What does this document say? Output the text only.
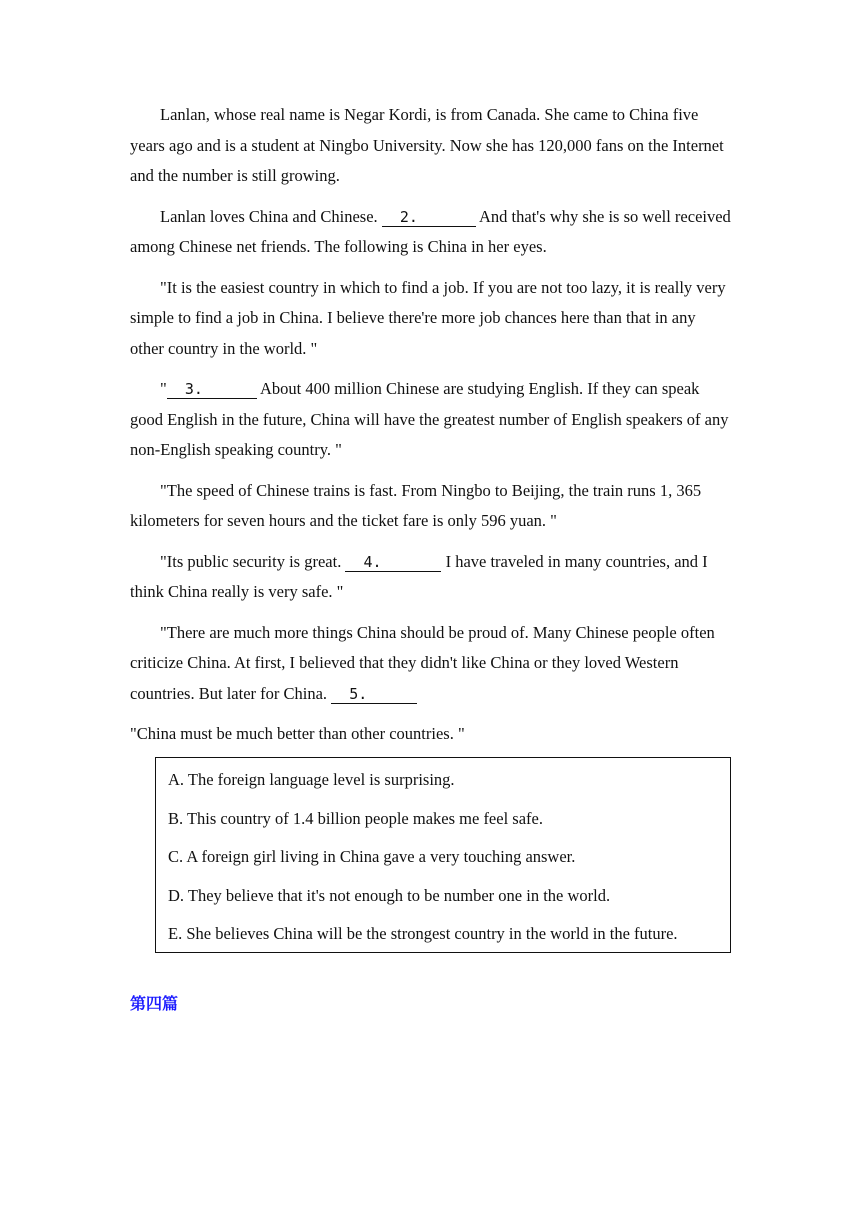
Lanlan, whose real name is Negar Kordi, is from Canada. She came to China five years ago and is a student at Ningbo University. Now she has 120,000 fans on the Internet and the number is still growing.

Lanlan loves China and Chinese.   2.	And that's why she is so well received among Chinese net friends. The following is China in her eyes.

"It is the easiest country in which to find a job. If you are not too lazy, it is really very simple to find a job in China. I believe there're more job chances here than that in any other country in the world. "

" 3.	About 400 million Chinese are studying English. If they can speak good English in the future, China will have the greatest number of English speakers of any non-English speaking country. "

"The speed of Chinese trains is fast. From Ningbo to Beijing, the train runs 1, 365 kilometers for seven hours and the ticket fare is only 596 yuan. "

"Its public security is great.   4.	I have traveled in many countries, and I think China really is very safe. "

"There are much more things China should be proud of. Many Chinese people often criticize China. At first, I believed that they didn't like China or they loved Western countries. But later for China.   5.

"China must be much better than other countries. "

A. The foreign language level is surprising.

B. This country of 1.4 billion people makes me feel safe.

C. A foreign girl living in China gave a very touching answer.

D. They believe that it's not enough to be number one in the world.

E. She believes China will be the strongest country in the world in the future.

第四篇
